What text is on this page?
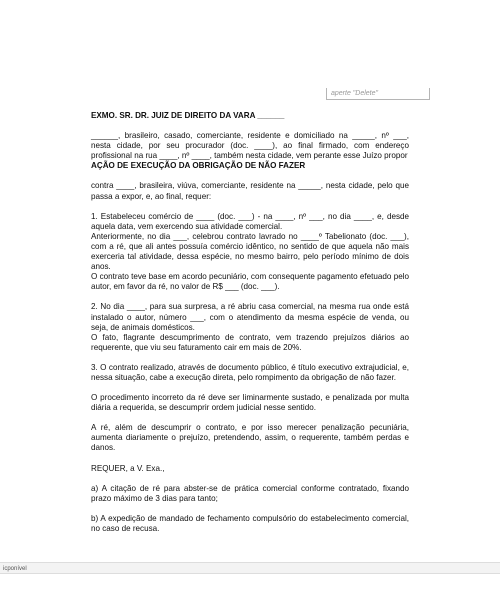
aperte "Delete"

EXMO. SR. DR. JUIZ DE DIREITO DA VARA ______

______, brasileiro, casado, comerciante, residente e domiciliado na _____, nº ___, nesta cidade, por seu procurador (doc. ____), ao final firmado, com endereço profissional na rua ____, nº ____, também nesta cidade, vem perante esse Juízo propor

AÇÃO DE EXECUÇÃO DA OBRIGAÇÃO DE NÃO FAZER

contra ____, brasileira, viúva, comerciante, residente na _____, nesta cidade, pelo que passa a expor, e, ao final, requer:

1. Estabeleceu comércio de ____ (doc. ___) - na ____, nº ___, no dia ____, e, desde aquela data, vem exercendo sua atividade comercial.

Anteriormente, no dia ___, celebrou contrato lavrado no ____º Tabelionato (doc. ___), com a ré, que ali antes possuía comércio idêntico, no sentido de que aquela não mais exerceria tal atividade, dessa espécie, no mesmo bairro, pelo período mínimo de dois anos.

O contrato teve base em acordo pecuniário, com consequente pagamento efetuado pelo autor, em favor da ré, no valor de R$ ___ (doc. ___).

2. No dia ____, para sua surpresa, a ré abriu casa comercial, na mesma rua onde está instalado o autor, número ___, com o atendimento da mesma espécie de venda, ou seja, de animais domésticos.

O fato, flagrante descumprimento de contrato, vem trazendo prejuízos diários ao requerente, que viu seu faturamento cair em mais de 20%.

3. O contrato realizado, através de documento público, é título executivo extrajudicial, e, nessa situação, cabe a execução direta, pelo rompimento da obrigação de não fazer.

O procedimento incorreto da ré deve ser liminarmente sustado, e penalizada por multa diária a requerida, se descumprir ordem judicial nesse sentido.

A ré, além de descumprir o contrato, e por isso merecer penalização pecuniária, aumenta diariamente o prejuízo, pretendendo, assim, o requerente, também perdas e danos.

REQUER, a V. Exa.,

a) A citação de ré para abster-se de prática comercial conforme contratado, fixando prazo máximo de 3 dias para tanto;

b) A expedição de mandado de fechamento compulsório do estabelecimento comercial, no caso de recusa.

icponível
